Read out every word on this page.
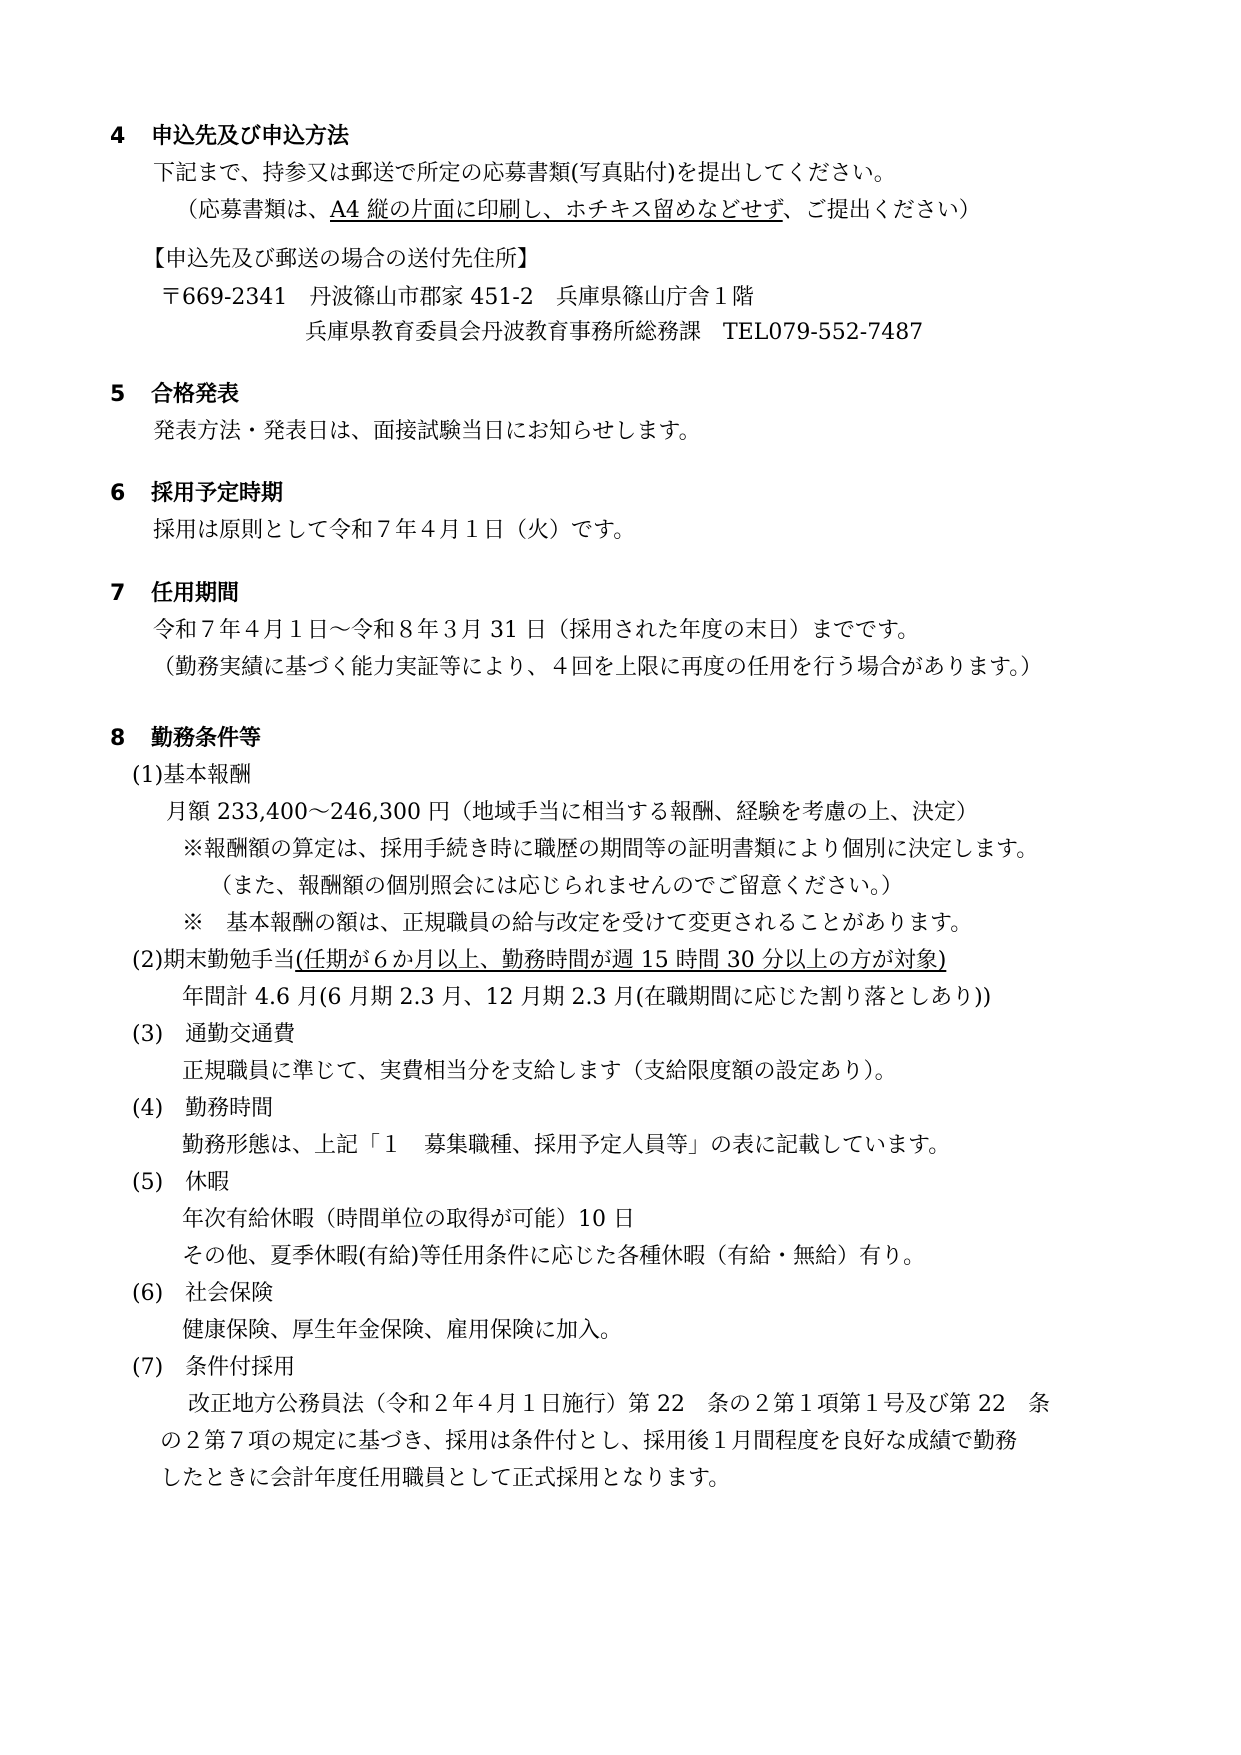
4 申込先及び申込方法
下記まで、持参又は郵送で所定の応募書類(写真貼付)を提出してください。
（応募書類は、A4 縦の片面に印刷し、ホチキス留めなどせず、ご提出ください）
【申込先及び郵送の場合の送付先住所】
〒669-2341　丹波篠山市郡家 451-2　兵庫県篠山庁舎１階
兵庫県教育委員会丹波教育事務所総務課　TEL079-552-7487
5 合格発表
発表方法・発表日は、面接試験当日にお知らせします。
6 採用予定時期
採用は原則として令和７年４月１日（火）です。
7 任用期間
令和７年４月１日～令和８年３月 31 日（採用された年度の末日）までです。
（勤務実績に基づく能力実証等により、４回を上限に再度の任用を行う場合があります。）
8 勤務条件等
(1)基本報酬
月額 233,400～246,300 円（地域手当に相当する報酬、経験を考慮の上、決定）
※報酬額の算定は、採用手続き時に職歴の期間等の証明書類により個別に決定します。
（また、報酬額の個別照会には応じられませんのでご留意ください。）
※　基本報酬の額は、正規職員の給与改定を受けて変更されることがあります。
(2)期末勤勉手当(任期が６か月以上、勤務時間が週 15 時間 30 分以上の方が対象)
年間計 4.6 月(6 月期 2.3 月、12 月期 2.3 月(在職期間に応じた割り落としあり))
(3)　通勤交通費
正規職員に準じて、実費相当分を支給します（支給限度額の設定あり）。
(4)　勤務時間
勤務形態は、上記「１　募集職種、採用予定人員等」の表に記載しています。
(5)　休暇
年次有給休暇（時間単位の取得が可能）10 日
その他、夏季休暇(有給)等任用条件に応じた各種休暇（有給・無給）有り。
(6)　社会保険
健康保険、厚生年金保険、雇用保険に加入。
(7)　条件付採用
改正地方公務員法（令和２年４月１日施行）第 22　条の２第１項第１号及び第 22　条
の２第７項の規定に基づき、採用は条件付とし、採用後１月間程度を良好な成績で勤務
したときに会計年度任用職員として正式採用となります。
